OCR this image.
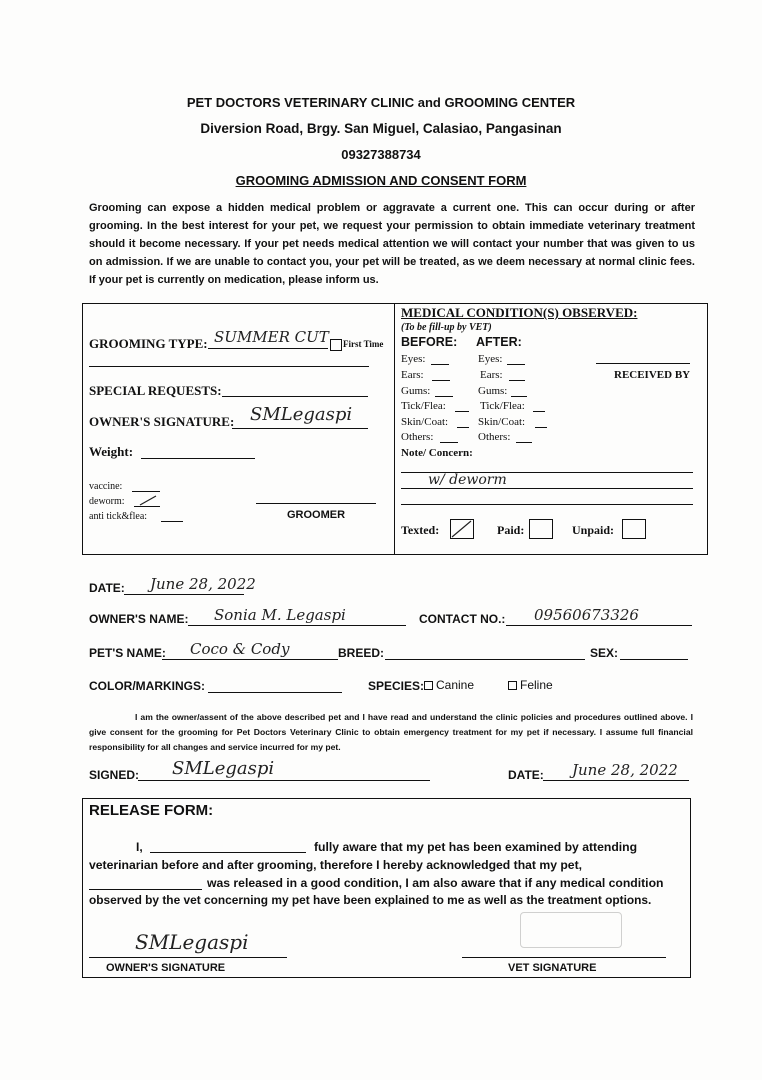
PET DOCTORS VETERINARY CLINIC and GROOMING CENTER
Diversion Road, Brgy. San Miguel, Calasiao, Pangasinan
09327388734
GROOMING ADMISSION AND CONSENT FORM
Grooming can expose a hidden medical problem or aggravate a current one. This can occur during or after grooming. In the best interest for your pet, we request your permission to obtain immediate veterinary treatment should it become necessary. If your pet needs medical attention we will contact your number that was given to us on admission. If we are unable to contact you, your pet will be treated, as we deem necessary at normal clinic fees. If your pet is currently on medication, please inform us.
GROOMING TYPE: SUMMER CUT First Time
SPECIAL REQUESTS:
OWNER'S SIGNATURE: SMLegaspi
Weight:
vaccine:
deworm:
anti tick&flea:	GROOMER
MEDICAL CONDITION(S) OBSERVED:
(To be fill-up by VET)
BEFORE: AFTER:
Eyes:	Eyes:
Ears:	Ears:
Gums:	Gums:
Tick/Flea:	Tick/Flea:
Skin/Coat:	Skin/Coat:
Others:	Others:
RECEIVED BY
Note/ Concern:
w/ deworm
Texted:	Paid:	Unpaid:
DATE: June 28, 2022
OWNER'S NAME: Sonia M. Legaspi	CONTACT NO.: 09560673326
PET'S NAME: Coco & Cody	BREED:	SEX:
COLOR/MARKINGS:	SPECIES: Canine	Feline
I am the owner/assent of the above described pet and I have read and understand the clinic policies and procedures outlined above. I give consent for the grooming for Pet Doctors Veterinary Clinic to obtain emergency treatment for my pet if necessary. I assume full financial responsibility for all changes and service incurred for my pet.
SIGNED: SMLegaspi	DATE: June 28, 2022
RELEASE FORM:
I,	fully aware that my pet has been examined by attending
veterinarian before and after grooming, therefore I hereby acknowledged that my pet,
was released in a good condition, I am also aware that if any medical condition
observed by the vet concerning my pet have been explained to me as well as the treatment options.
SMLegaspi
OWNER'S SIGNATURE	VET SIGNATURE
